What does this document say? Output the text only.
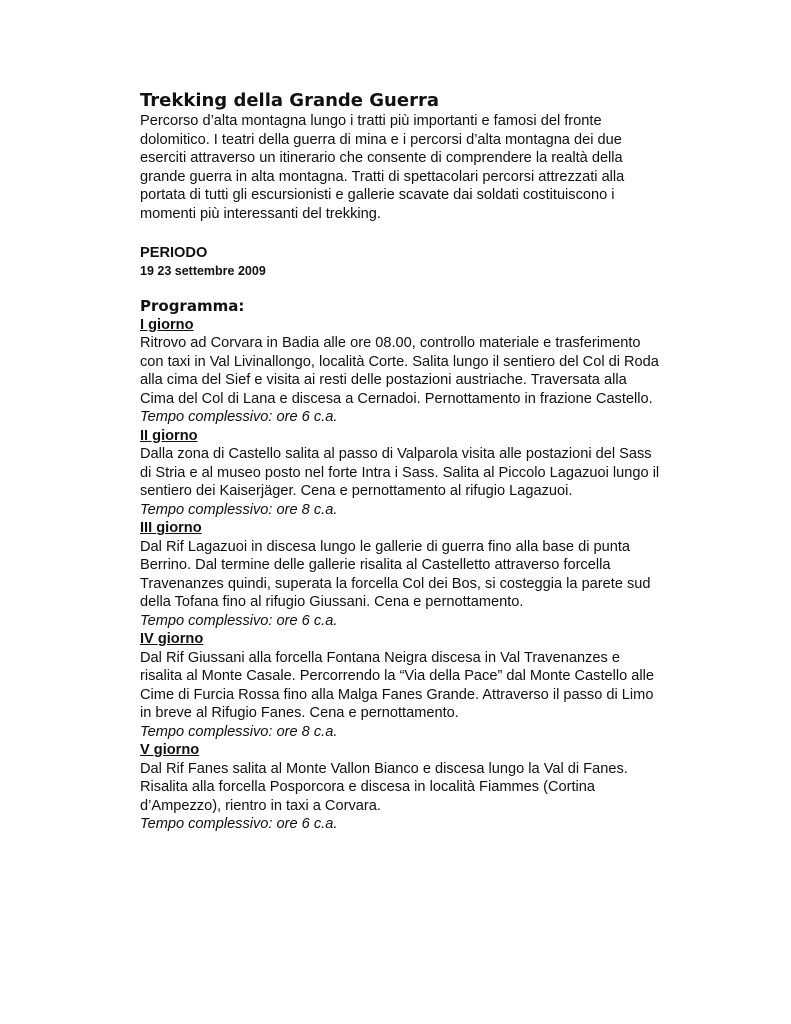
Trekking della Grande Guerra

Percorso d’alta montagna lungo i tratti più importanti e famosi del fronte dolomitico. I teatri della guerra di mina e i percorsi d’alta montagna dei due eserciti attraverso un itinerario che consente di comprendere la realtà della grande guerra in alta montagna. Tratti di spettacolari percorsi attrezzati alla portata di tutti gli escursionisti e gallerie scavate dai soldati costituiscono i momenti più interessanti del trekking.

PERIODO

19 23 settembre 2009

Programma:

I giorno

Ritrovo ad Corvara in Badia alle ore 08.00, controllo materiale e trasferimento con taxi in Val Livinallongo, località Corte. Salita lungo il sentiero del Col di Roda alla cima del Sief e visita ai resti delle postazioni austriache. Traversata alla Cima del Col di Lana e discesa a Cernadoi. Pernottamento in frazione Castello.

Tempo complessivo: ore 6 c.a.

II giorno

Dalla zona di Castello salita al passo di Valparola visita alle postazioni del Sass di Stria e al museo posto nel forte Intra i Sass. Salita al Piccolo Lagazuoi lungo il sentiero dei Kaiserjäger. Cena e pernottamento al rifugio Lagazuoi.

Tempo complessivo: ore 8 c.a.

III giorno

Dal Rif Lagazuoi in discesa lungo le gallerie di guerra fino alla base di punta Berrino. Dal termine delle gallerie risalita al Castelletto attraverso forcella Travenanzes quindi, superata la forcella Col dei Bos, si costeggia la parete sud della Tofana fino al rifugio Giussani. Cena e pernottamento.

Tempo complessivo: ore 6 c.a.

IV giorno

Dal Rif Giussani alla forcella Fontana Neigra discesa in Val Travenanzes e risalita al Monte Casale. Percorrendo la “Via della Pace” dal Monte Castello alle Cime di Furcia Rossa fino alla Malga Fanes Grande. Attraverso il passo di Limo in breve al Rifugio Fanes. Cena e pernottamento.

Tempo complessivo: ore 8 c.a.

V giorno

Dal Rif Fanes salita al Monte Vallon Bianco e discesa lungo la Val di Fanes. Risalita alla forcella Posporcora e discesa in località Fiammes (Cortina d’Ampezzo), rientro in taxi a Corvara.

Tempo complessivo: ore 6 c.a.
